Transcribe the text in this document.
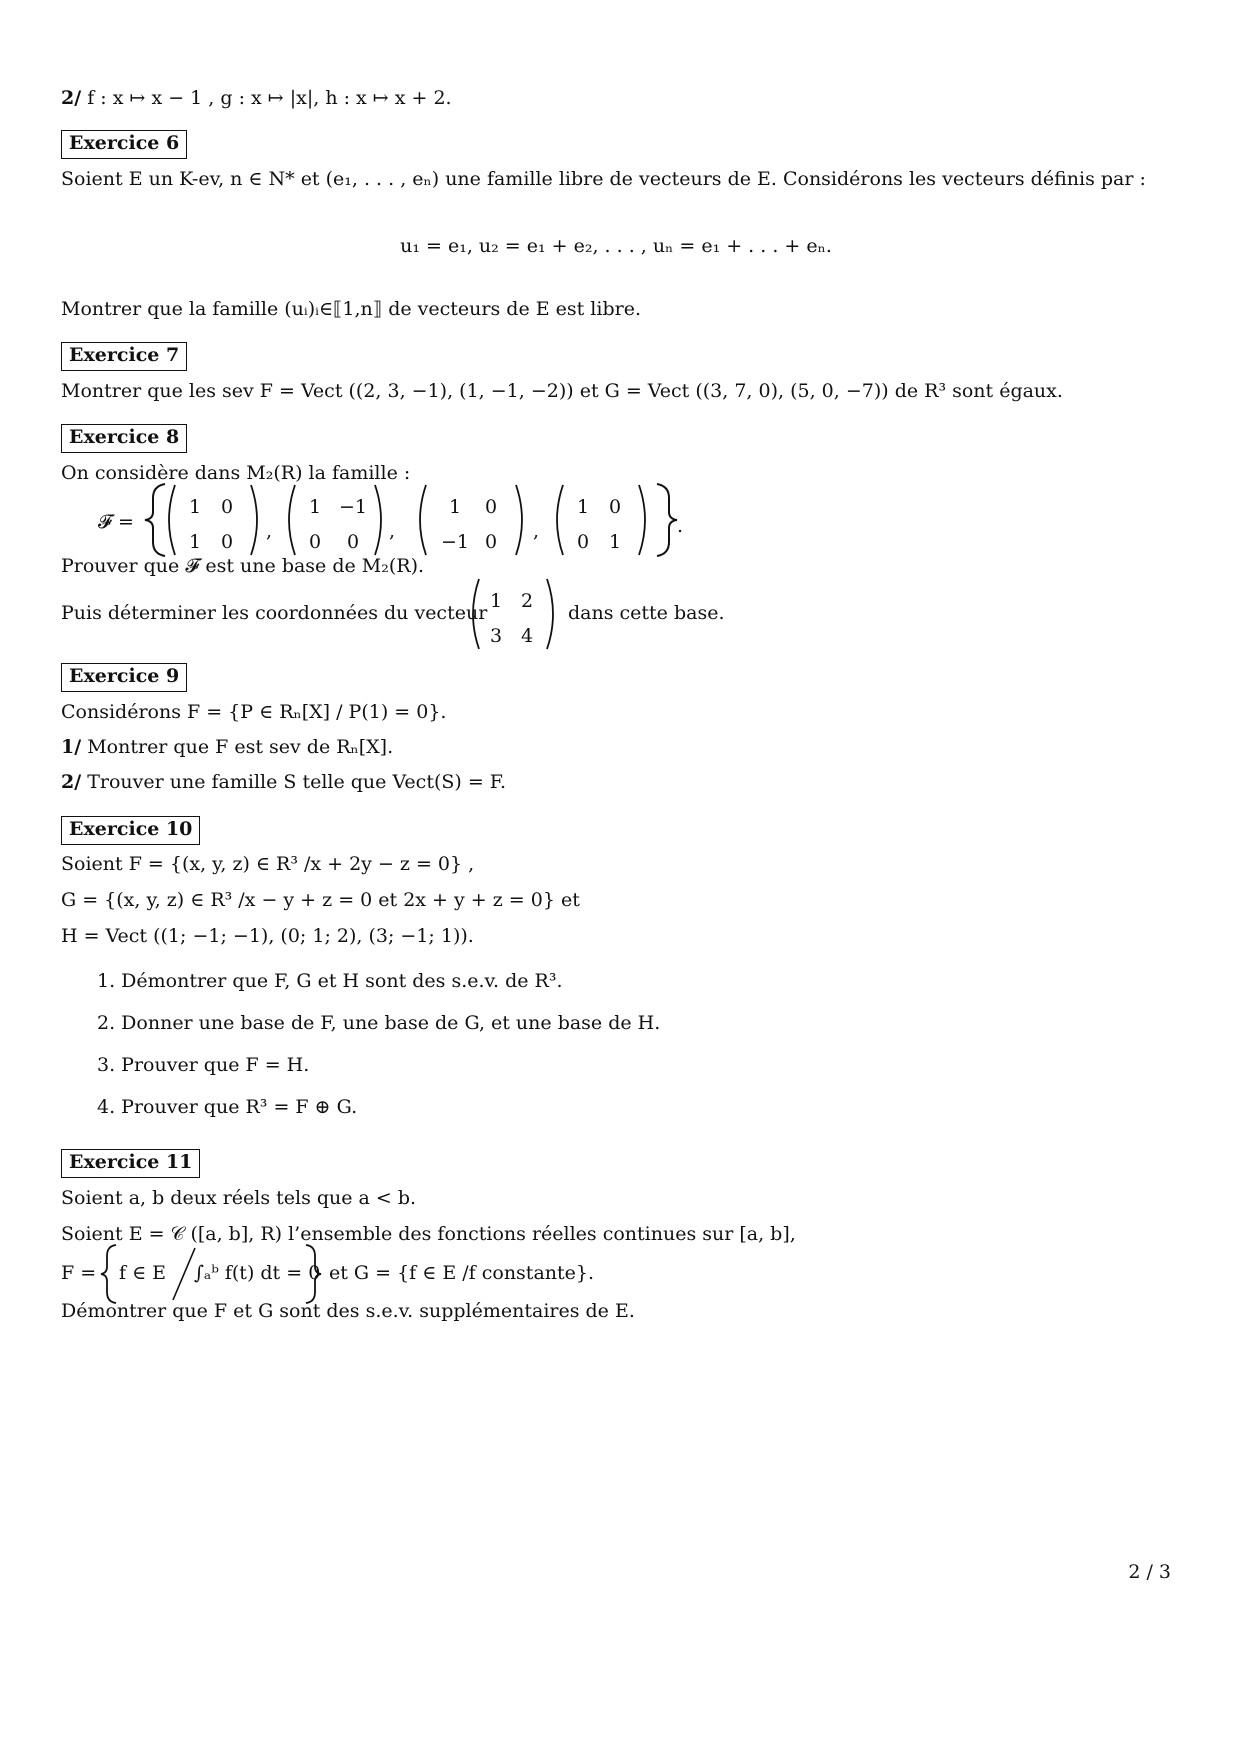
2/ f : x ↦ x − 1 , g : x ↦ |x|, h : x ↦ x + 2.
Exercice 6
Soient E un K-ev, n ∈ N* et (e₁, . . . , eₙ) une famille libre de vecteurs de E. Considérons les vecteurs définis par :
u₁ = e₁, u₂ = e₁ + e₂, . . . , uₙ = e₁ + . . . + eₙ.
Montrer que la famille (uᵢ)ᵢ∈⟦1,n⟧ de vecteurs de E est libre.
Exercice 7
Montrer que les sev F = Vect ((2, 3, −1), (1, −1, −2)) et G = Vect ((3, 7, 0), (5, 0, −7)) de R³ sont égaux.
Exercice 8
On considère dans M₂(R) la famille :
𝓕 =
1	0
1	0	,
1 −1
0	0	,
1	0
−1 0	,
1	0
0	1
.
Prouver que 𝓕 est une base de M₂(R).
Puis déterminer les coordonnées du vecteur
1 2
3 4
dans cette base.
Exercice 9
Considérons F = {P ∈ Rₙ[X] / P(1) = 0}.
1/ Montrer que F est sev de Rₙ[X].
2/ Trouver une famille S telle que Vect(S) = F.
Exercice 10
Soient F = {(x, y, z) ∈ R³ /x + 2y − z = 0} ,
G = {(x, y, z) ∈ R³ /x − y + z = 0 et 2x + y + z = 0} et
H = Vect ((1; −1; −1), (0; 1; 2), (3; −1; 1)).
1. Démontrer que F, G et H sont des s.e.v. de R³.
2. Donner une base de F, une base de G, et une base de H.
3. Prouver que F = H.
4. Prouver que R³ = F ⊕ G.
Exercice 11
Soient a, b deux réels tels que a < b.
Soient E = 𝒞 ([a, b], R) l’ensemble des fonctions réelles continues sur [a, b],
F = f ∈ E ∫ₐᵇ f(t) dt = 0 et G = {f ∈ E /f constante}.
Démontrer que F et G sont des s.e.v. supplémentaires de E.
2 / 3
